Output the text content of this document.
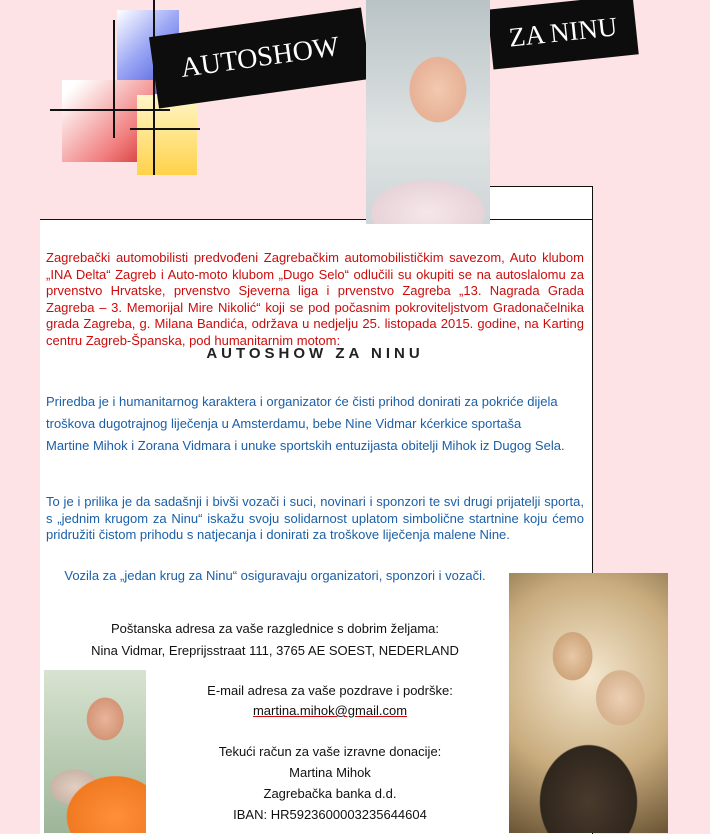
AUTOSHOW	ZA NINU
Zagrebački automobilisti predvođeni Zagrebačkim automobilističkim savezom, Auto klubom „INA Delta“ Zagreb i Auto-moto klubom „Dugo Selo“ odlučili su okupiti se na autoslalomu za prvenstvo Hrvatske, prvenstvo Sjeverna liga i prvenstvo Zagreba „13. Nagrada Grada Zagreba – 3. Memorijal Mire Nikolić“ koji se pod počasnim pokroviteljstvom Gradonačelnika grada Zagreba, g. Milana Bandića, održava u nedjelju 25. listopada 2015. godine, na Karting centru Zagreb-Španska, pod humanitarnim motom:
AUTOSHOW ZA NINU
Priredba je i humanitarnog karaktera i organizator će čisti prihod donirati za pokriće dijela troškova dugotrajnog liječenja u Amsterdamu, bebe Nine Vidmar kćerkice sportaša Martine Mihok i Zorana Vidmara i unuke sportskih entuzijasta obitelji Mihok iz Dugog Sela.
To je i prilika je da sadašnji i bivši vozači i suci, novinari i sponzori te svi drugi prijatelji sporta, s „jednim krugom za Ninu“ iskažu svoju solidarnost uplatom simbolične startnine koju ćemo pridružiti čistom prihodu s natjecanja i donirati za troškove liječenja malene Nine.
Vozila za „jedan krug za Ninu“ osiguravaju organizatori, sponzori i vozači.
Poštanska adresa za vaše razglednice s dobrim željama:
Nina Vidmar, Ereprijsstraat 111, 3765 AE SOEST, NEDERLAND
E-mail adresa za vaše pozdrave i podrške:
martina.mihok@gmail.com
Tekući račun za vaše izravne donacije:
Martina Mihok
Zagrebačka banka d.d.
IBAN: HR5923600003235644604
